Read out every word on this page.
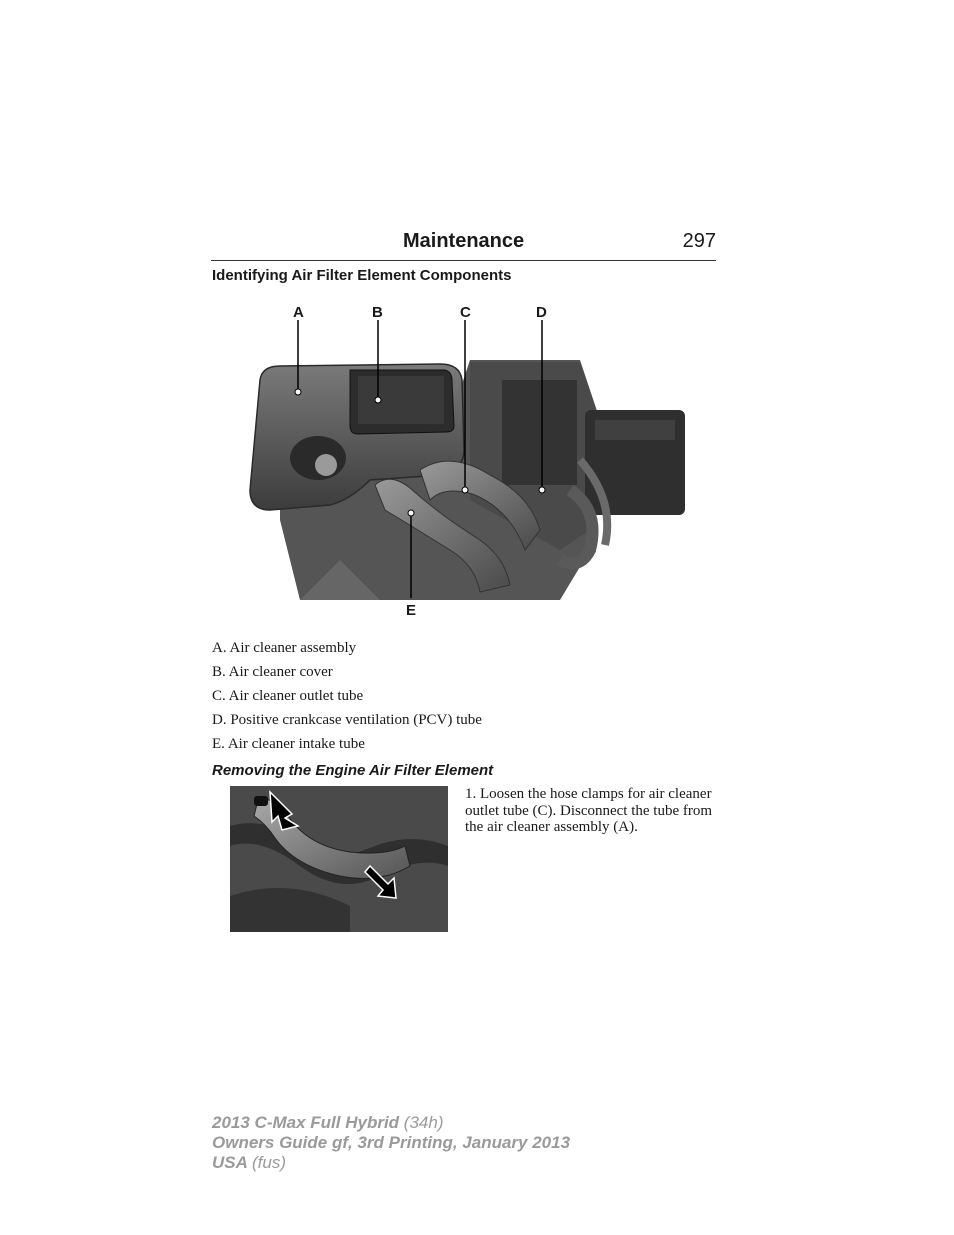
Maintenance	297
Identifying Air Filter Element Components
A	B	C	D
E
A. Air cleaner assembly
B. Air cleaner cover
C. Air cleaner outlet tube
D. Positive crankcase ventilation (PCV) tube
E. Air cleaner intake tube
Removing the Engine Air Filter Element
1. Loosen the hose clamps for air cleaner outlet tube (C). Disconnect the tube from the air cleaner assembly (A).
2013 C-Max Full Hybrid (34h)
Owners Guide gf, 3rd Printing, January 2013
USA (fus)
